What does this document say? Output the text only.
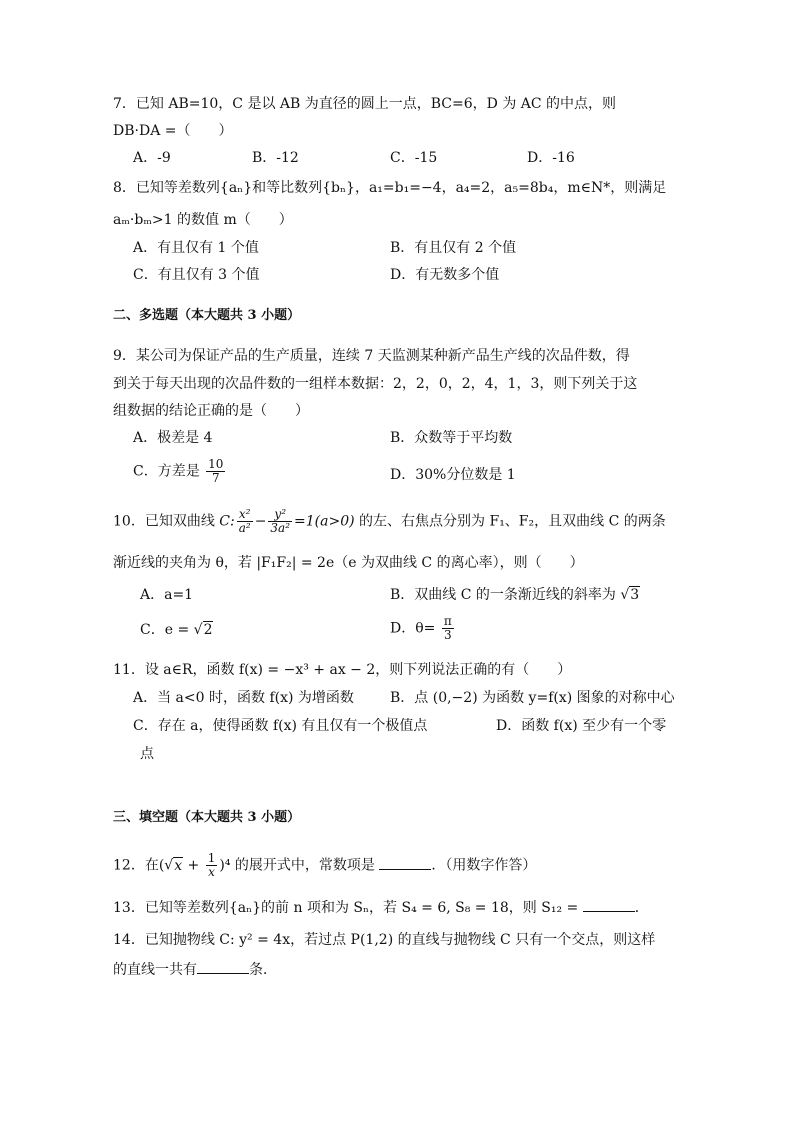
7．已知 AB=10，C 是以 AB 为直径的圆上一点，BC=6，D 为 AC 的中点，则
DB·DA =（　　）
A．-9	B．-12	C．-15	D．-16
8．已知等差数列{aₙ}和等比数列{bₙ}，a₁=b₁=−4，a₄=2，a₅=8b₄，m∈N*，则满足
aₘ·bₘ>1 的数值 m（　　）
A．有且仅有 1 个值	B．有且仅有 2 个值
C．有且仅有 3 个值	D．有无数多个值
二、多选题（本大题共 3 小题）
9．某公司为保证产品的生产质量，连续 7 天监测某种新产品生产线的次品件数，得
到关于每天出现的次品件数的一组样本数据：2，2，0，2，4，1，3，则下列关于这
组数据的结论正确的是（　　）
A．极差是 4	B．众数等于平均数
C．方差是 $\frac{10}{7}$	D．30%分位数是 1
10．已知双曲线 C: $\frac{\text{x²}}{\text{a²}} - \frac{\text{y²}}{\text{3a²}} =1(a>0)$ 的左、右焦点分别为 F₁、F₂，且双曲线 C 的两条
渐近线的夹角为 θ，若 |F₁F₂| = 2e（e 为双曲线 C 的离心率），则（　　）
A．a=1	B．双曲线 C 的一条渐近线的斜率为 √3
C．e = √2	D．$\theta= \frac{\pi}{3}$
11．设 a∈R，函数 f(x) = −x³ + ax − 2，则下列说法正确的有（　　）
A．当 a<0 时，函数 f(x) 为增函数	B．点 (0,−2) 为函数 y=f(x) 图象的对称中心
C．存在 a，使得函数 f(x) 有且仅有一个极值点	D．函数 f(x) 至少有一个零
点
三、填空题（本大题共 3 小题）
12．在$(√x + \frac{1}{x} )^4$ 的展开式中，常数项是	．（用数字作答）
13．已知等差数列{aₙ}的前 n 项和为 Sₙ，若 S₄ = 6, S₈ = 18，则 S₁₂ =	．
14．已知抛物线 C: y² = 4x，若过点 P(1,2) 的直线与抛物线 C 只有一个交点，则这样
的直线一共有	条．
